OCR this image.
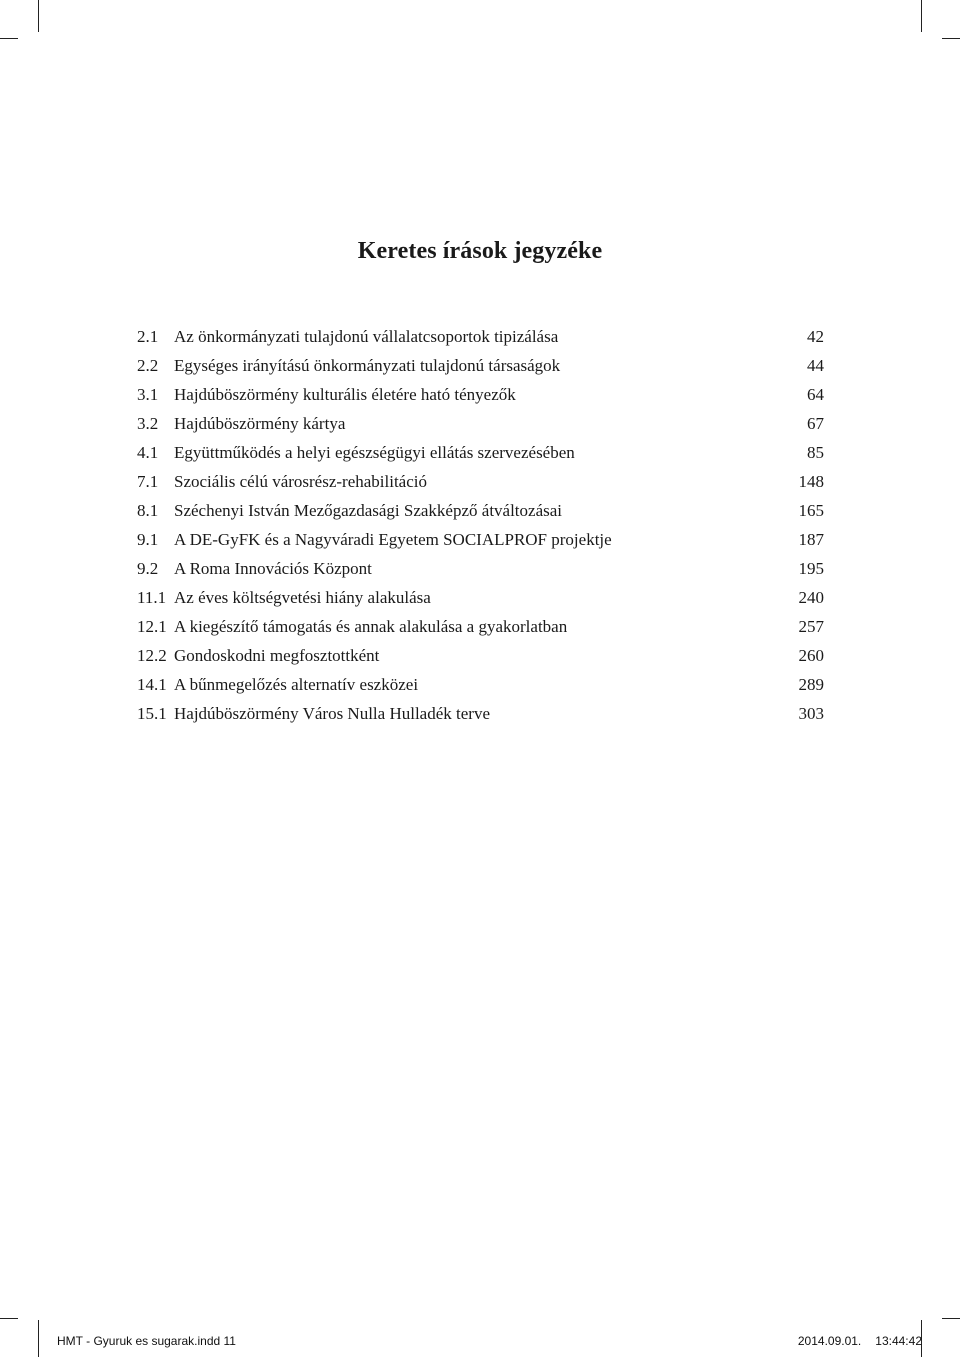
Keretes írások jegyzéke
2.1 Az önkormányzati tulajdonú vállalatcsoportok tipizálása	42
2.2 Egységes irányítású önkormányzati tulajdonú társaságok	44
3.1 Hajdúböszörmény kulturális életére ható tényezők	64
3.2 Hajdúböszörmény kártya	67
4.1 Együttműködés a helyi egészségügyi ellátás szervezésében	85
7.1 Szociális célú városrész-rehabilitáció	148
8.1 Széchenyi István Mezőgazdasági Szakképző átváltozásai	165
9.1 A DE-GyFK és a Nagyváradi Egyetem SOCIALPROF projektje	187
9.2 A Roma Innovációs Központ	195
11.1 Az éves költségvetési hiány alakulása	240
12.1 A kiegészítő támogatás és annak alakulása a gyakorlatban	257
12.2 Gondoskodni megfosztottként	260
14.1 A bűnmegelőzés alternatív eszközei	289
15.1 Hajdúböszörmény Város Nulla Hulladék terve	303
HMT - Gyuruk es sugarak.indd 11	2014.09.01. 13:44:42
